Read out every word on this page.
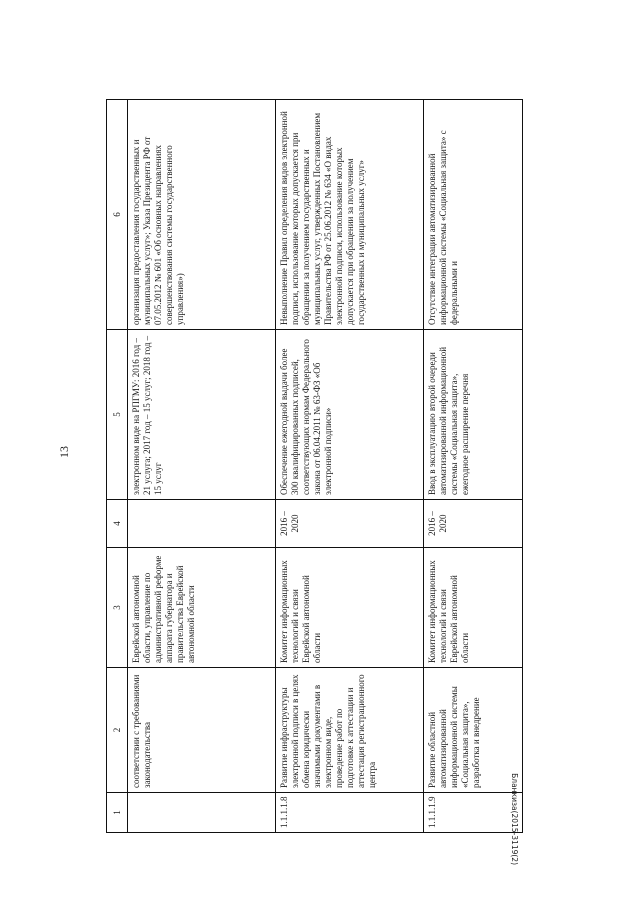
13
Бланкиза(2015-3119(2)
1	2	3	4	5	6
	соответствии с требованиями законодательства	Еврейской автономной области, управление по административной реформе аппарата губернатора и правительства Еврейской автономной области		электронном виде на РПГМУ: 2016 год – 21 услуга; 2017 год – 15 услуг; 2018 год – 15 услуг	организация предоставления государственных и муниципальных услуг»; Указа Президента РФ от 07.05.2012 № 601 «Об основных направлениях совершенствования системы государственного управления»)
1.1.1.1.8	Развитие инфраструктуры электронной подписи в целях обмена юридически значимыми документами в электронном виде, проведение работ по подготовке к аттестации и аттестация регистрационного центра	Комитет информационных технологий и связи Еврейской автономной области	2016 – 2020	Обеспечение ежегодной выдачи более 300 квалифицированных подписей, соответствующих нормам Федерального закона от 06.04.2011 № 63-ФЗ «Об электронной подписи»	Невыполнение Правил определения видов электронной подписи, использование которых допускается при обращении за получением государственных и муниципальных услуг, утвержденных Постановлением Правительства РФ от 25.06.2012 № 634 «О видах электронной подписи, использование которых допускается при обращении за получением государственных и муниципальных услуг»
1.1.1.1.9	Развитие областной автоматизированной информационной системы «Социальная защита», разработка и внедрение	Комитет информационных технологий и связи Еврейской автономной области	2016 – 2020	Ввод в эксплуатацию второй очереди автоматизированной информационной системы «Социальная защита», ежегодное расширение перечня	Отсутствие интеграции автоматизированной информационной системы «Социальная защита» с федеральными и
